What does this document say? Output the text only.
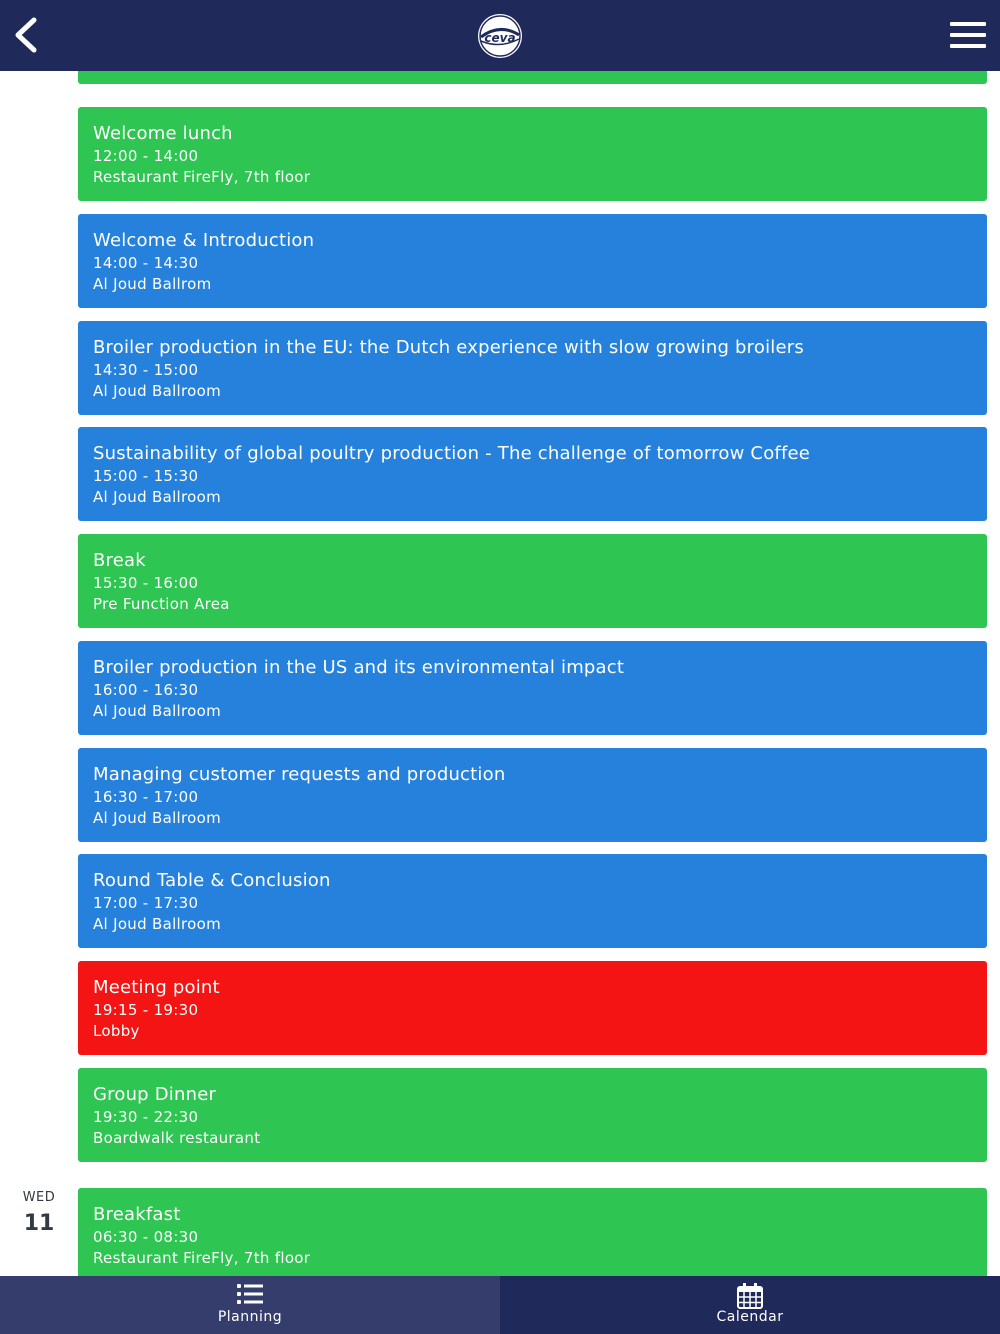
Welcome lunch
12:00 - 14:00
Restaurant FireFly, 7th floor
Welcome & Introduction
14:00 - 14:30
Al Joud Ballrom
Broiler production in the EU: the Dutch experience with slow growing broilers
14:30 - 15:00
Al Joud Ballroom
Sustainability of global poultry production - The challenge of tomorrow Coffee
15:00 - 15:30
Al Joud Ballroom
Break
15:30 - 16:00
Pre Function Area
Broiler production in the US and its environmental impact
16:00 - 16:30
Al Joud Ballroom
Managing customer requests and production
16:30 - 17:00
Al Joud Ballroom
Round Table & Conclusion
17:00 - 17:30
Al Joud Ballroom
Meeting point
19:15 - 19:30
Lobby
Group Dinner
19:30 - 22:30
Boardwalk restaurant
WED
11	Breakfast
06:30 - 08:30
Restaurant FireFly, 7th floor
ceva
Planning	Calendar
